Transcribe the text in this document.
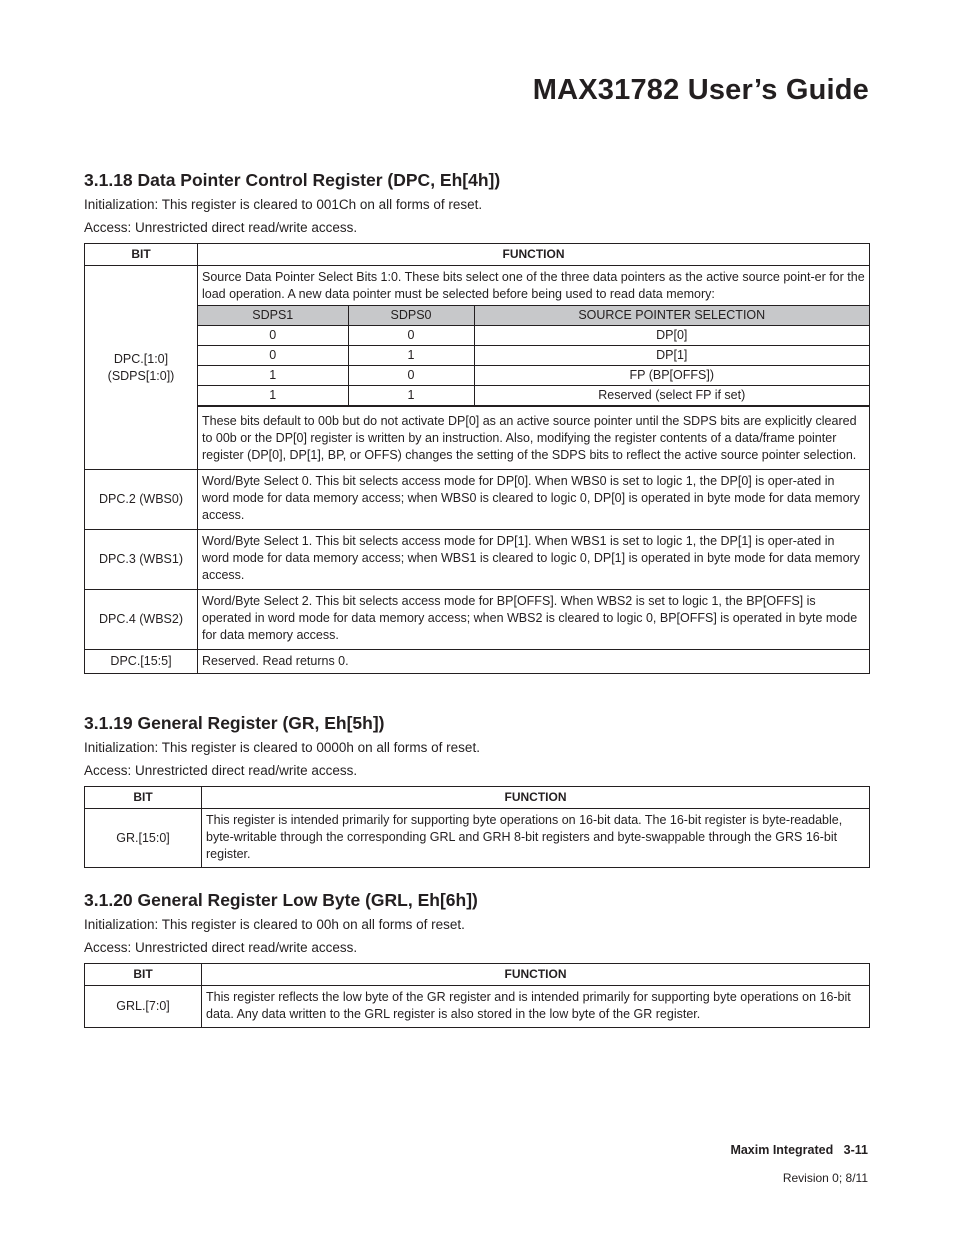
MAX31782 User’s Guide
3.1.18 Data Pointer Control Register (DPC, Eh[4h])

Initialization: This register is cleared to 001Ch on all forms of reset.

Access: Unrestricted direct read/write access.

BIT	FUNCTION
DPC.[1:0]
(SDPS[1:0])	Source Data Pointer Select Bits 1:0. These bits select one of the three data pointers as the active source point-er for the load operation. A new data pointer must be selected before being used to read data memory:

SDPS1	SDPS0	SOURCE POINTER SELECTION
0	0	DP[0]
0	1	DP[1]
1	0	FP (BP[OFFS])
1	1	Reserved (select FP if set)

These bits default to 00b but do not activate DP[0] as an active source pointer until the SDPS bits are explicitly cleared to 00b or the DP[0] register is written by an instruction. Also, modifying the register contents of a data/frame pointer register (DP[0], DP[1], BP, or OFFS) changes the setting of the SDPS bits to reflect the active source pointer selection.
DPC.2 (WBS0)	Word/Byte Select 0. This bit selects access mode for DP[0]. When WBS0 is set to logic 1, the DP[0] is oper-ated in word mode for data memory access; when WBS0 is cleared to logic 0, DP[0] is operated in byte mode for data memory access.
DPC.3 (WBS1)	Word/Byte Select 1. This bit selects access mode for DP[1]. When WBS1 is set to logic 1, the DP[1] is oper-ated in word mode for data memory access; when WBS1 is cleared to logic 0, DP[1] is operated in byte mode for data memory access.
DPC.4 (WBS2)	Word/Byte Select 2. This bit selects access mode for BP[OFFS]. When WBS2 is set to logic 1, the BP[OFFS] is operated in word mode for data memory access; when WBS2 is cleared to logic 0, BP[OFFS] is operated in byte mode for data memory access.
DPC.[15:5]	Reserved. Read returns 0.
3.1.19 General Register (GR, Eh[5h])

Initialization: This register is cleared to 0000h on all forms of reset.

Access: Unrestricted direct read/write access.

BIT	FUNCTION
GR.[15:0]	This register is intended primarily for supporting byte operations on 16-bit data. The 16-bit register is byte-readable, byte-writable through the corresponding GRL and GRH 8-bit registers and byte-swappable through the GRS 16-bit register.
3.1.20 General Register Low Byte (GRL, Eh[6h])

Initialization: This register is cleared to 00h on all forms of reset.

Access: Unrestricted direct read/write access.

BIT	FUNCTION
GRL.[7:0]	This register reflects the low byte of the GR register and is intended primarily for supporting byte operations on 16-bit data. Any data written to the GRL register is also stored in the low byte of the GR register.
Maxim Integrated   3-11
Revision 0; 8/11
